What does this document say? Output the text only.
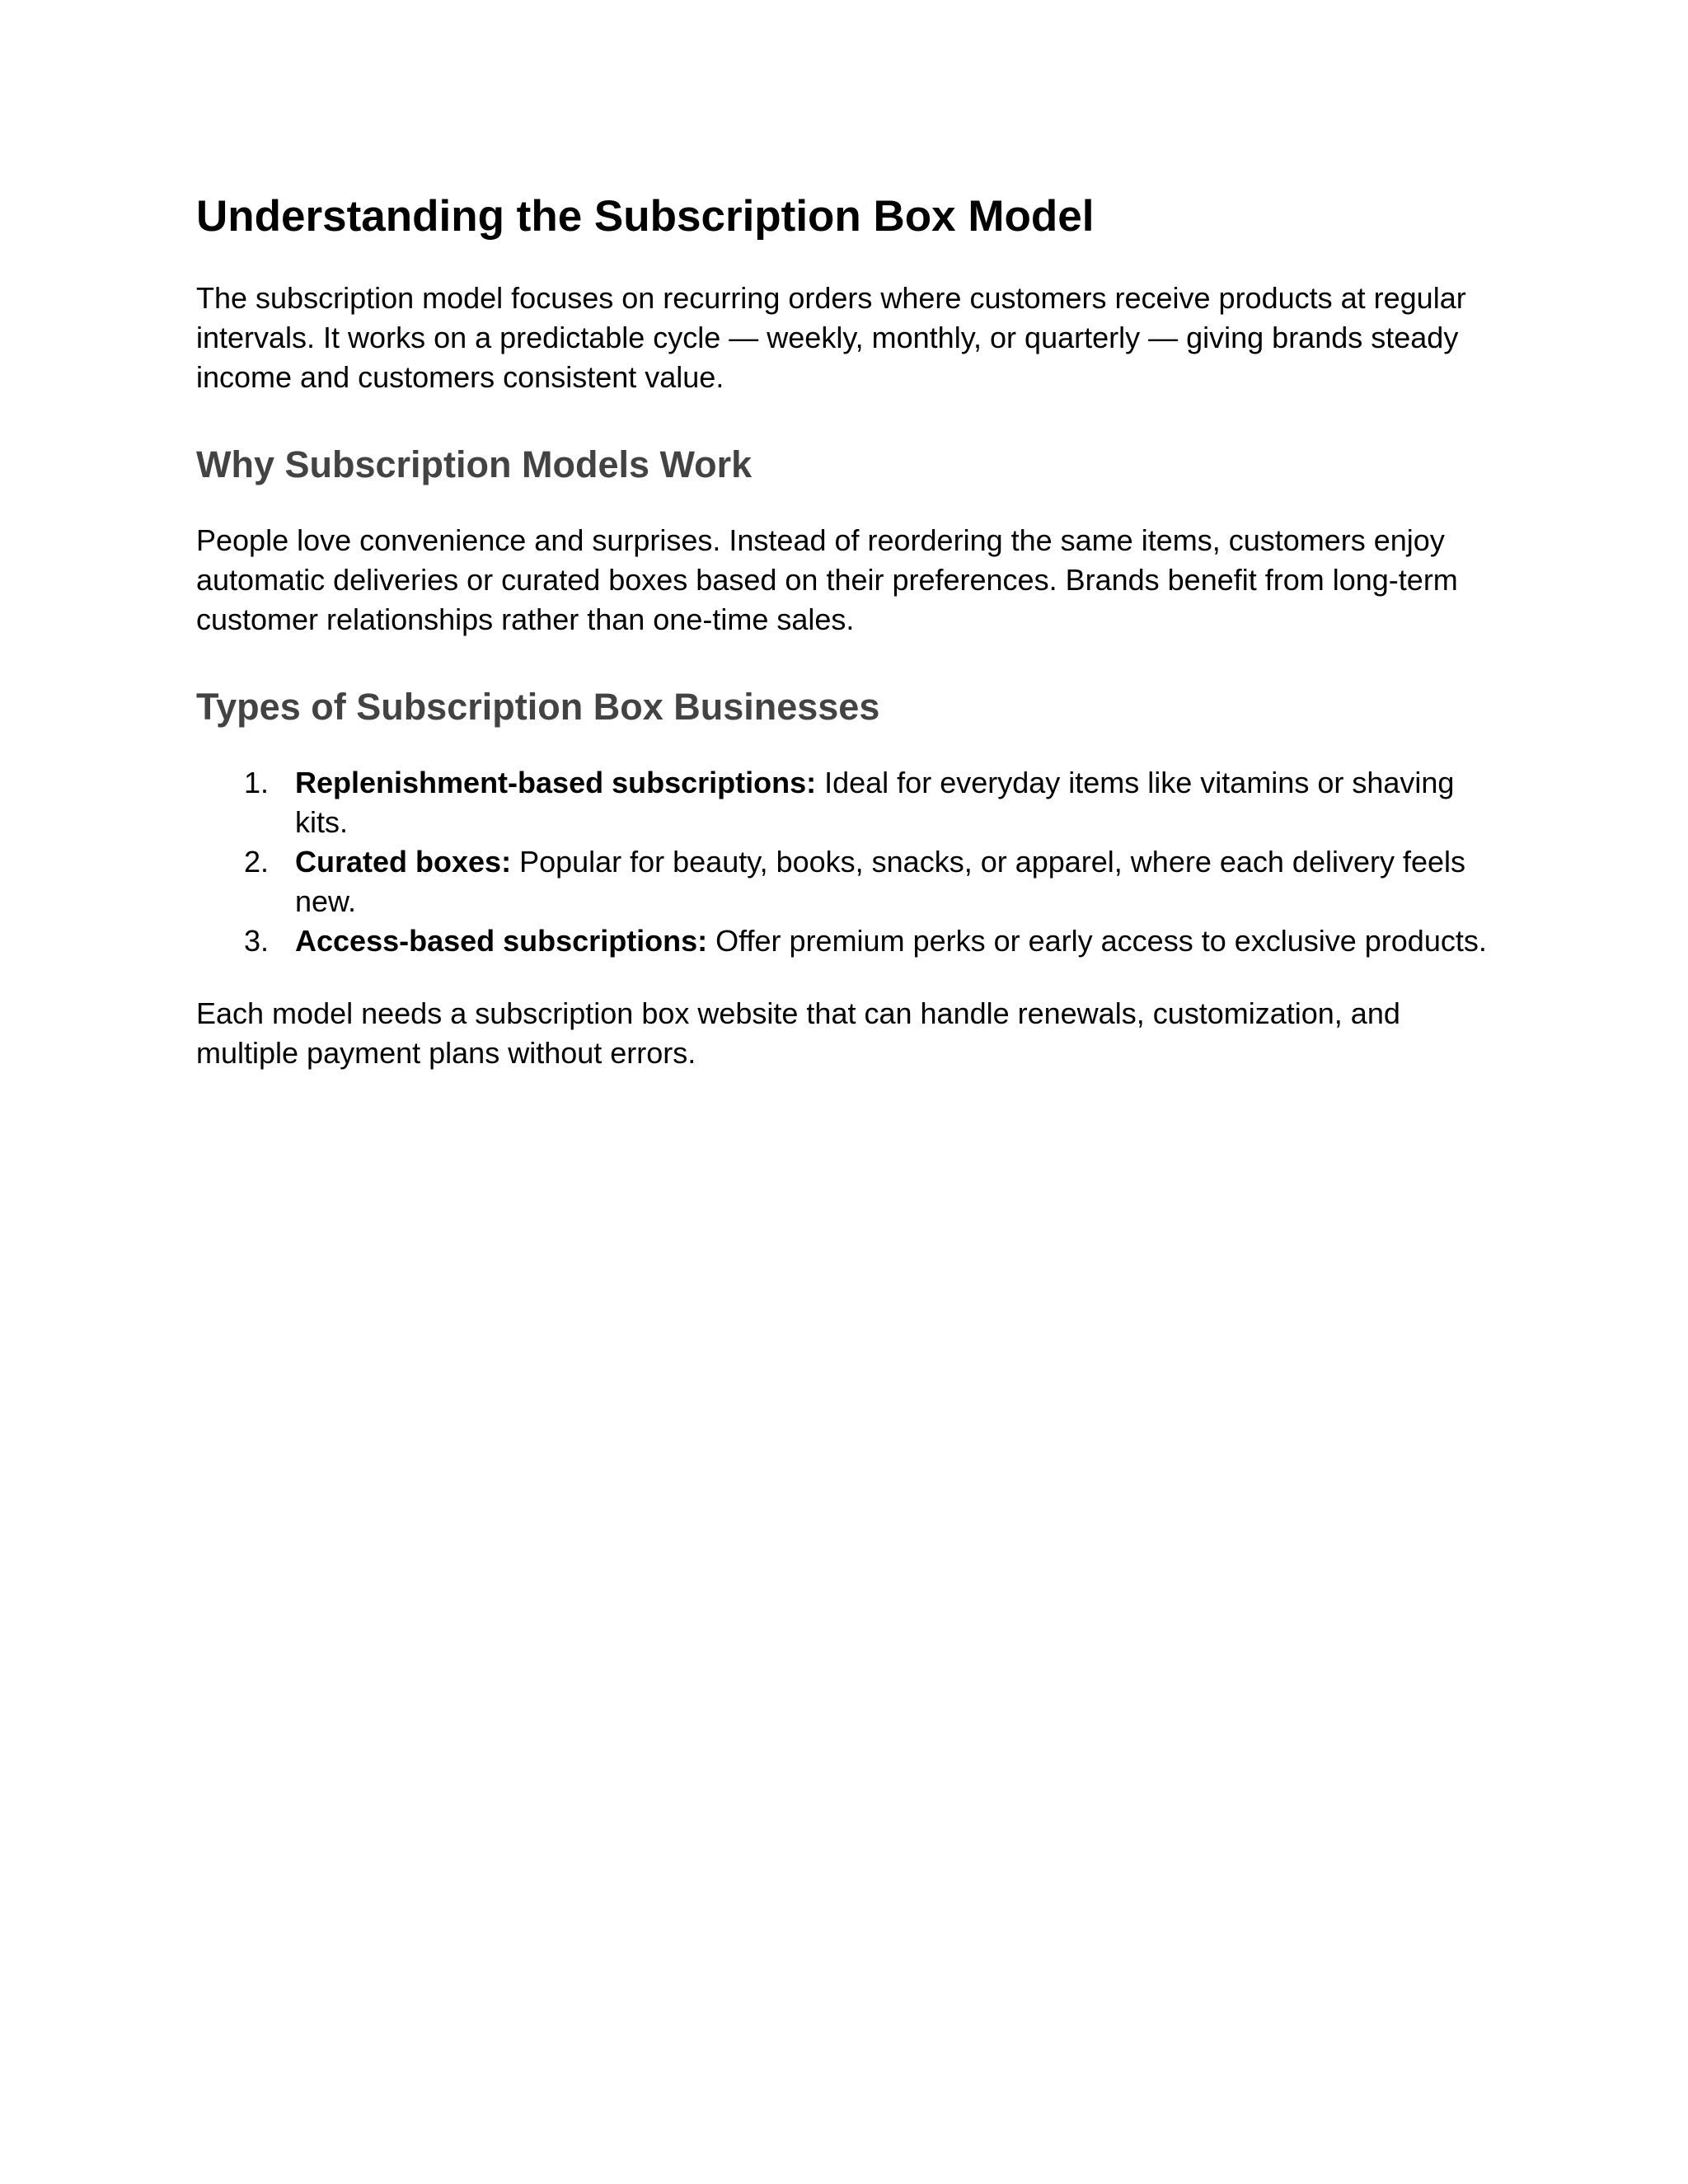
Understanding the Subscription Box Model

The subscription model focuses on recurring orders where customers receive products at regular intervals. It works on a predictable cycle — weekly, monthly, or quarterly — giving brands steady income and customers consistent value.

Why Subscription Models Work

People love convenience and surprises. Instead of reordering the same items, customers enjoy automatic deliveries or curated boxes based on their preferences. Brands benefit from long-term customer relationships rather than one-time sales.

Types of Subscription Box Businesses
1. Replenishment-based subscriptions: Ideal for everyday items like vitamins or shaving kits.
2. Curated boxes: Popular for beauty, books, snacks, or apparel, where each delivery feels new.
3. Access-based subscriptions: Offer premium perks or early access to exclusive products.

Each model needs a subscription box website that can handle renewals, customization, and multiple payment plans without errors.
